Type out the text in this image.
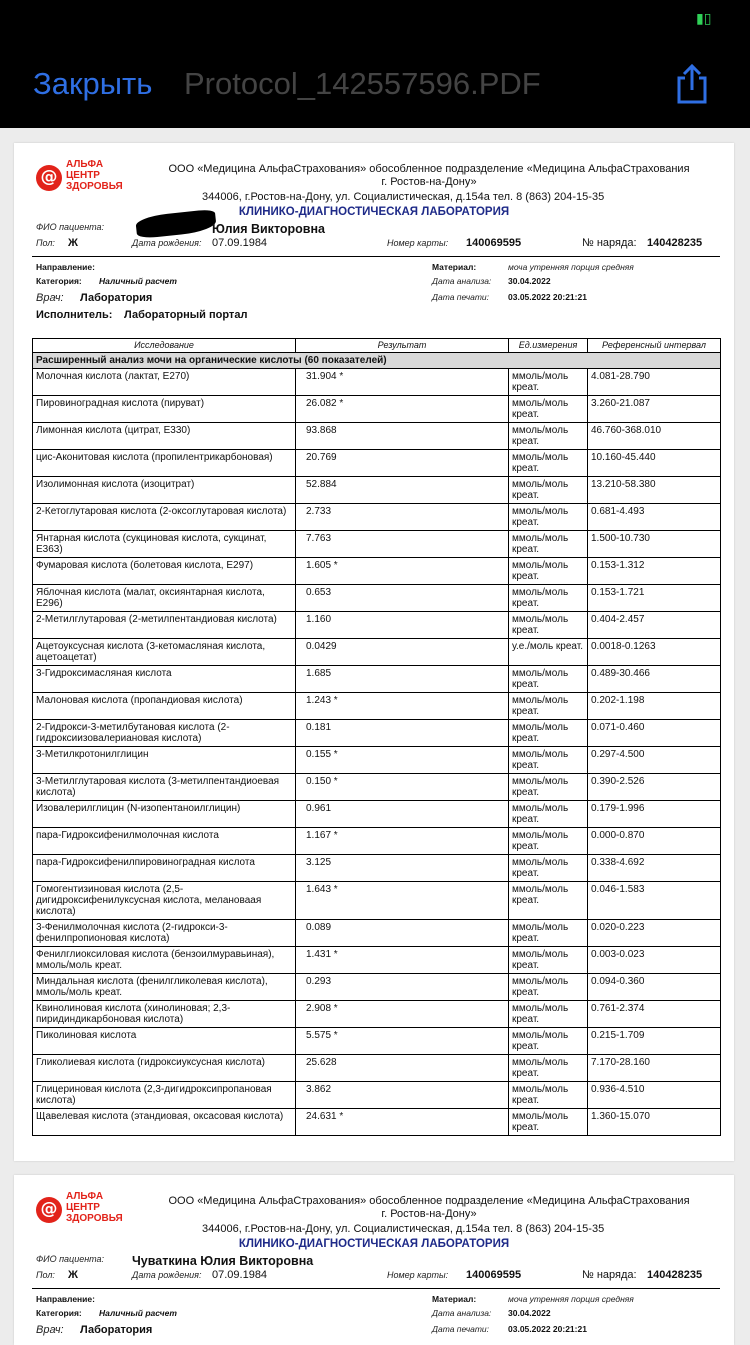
▮▯
Закрыть Protocol_142557596.PDF
@
АЛЬФА
ЦЕНТР
ЗДОРОВЬЯ
ООО «Медицина АльфаСтрахования» обособленное подразделение «Медицина АльфаСтрахования
г. Ростов-на-Дону»
344006, г.Ростов-на-Дону, ул. Социалистическая, д.154а тел. 8 (863) 204-15-35
КЛИНИКО-ДИАГНОСТИЧЕСКАЯ ЛАБОРАТОРИЯ
ФИО пациента:	Юлия Викторовна
Пол: Ж	Дата рождения: 07.09.1984	Номер карты: 140069595	№ наряда: 140428235
Направление:
Категория: Наличный расчет
Врач: Лаборатория
Исполнитель: Лабораторный портал
Материал:	моча утренняя порция средняя
Дата анализа: 30.04.2022
Дата печати: 03.05.2022 20:21:21
Исследование	Результат	Ед.измерения	Референсный интервал
Расширенный анализ мочи на органические кислоты (60 показателей)			
Молочная кислота (лактат, Е270)	31.904 *	ммоль/моль креат.	4.081-28.790
Пировиноградная кислота (пируват)	26.082 *	ммоль/моль креат.	3.260-21.087
Лимонная кислота (цитрат, Е330)	93.868	ммоль/моль креат.	46.760-368.010
цис-Аконитовая кислота (пропилентрикарбоновая)	20.769	ммоль/моль креат.	10.160-45.440
Изолимонная кислота (изоцитрат)	52.884	ммоль/моль креат.	13.210-58.380
2-Кетоглутаровая кислота (2-оксоглутаровая кислота)	2.733	ммоль/моль креат.	0.681-4.493
Янтарная кислота (сукциновая кислота, сукцинат, Е363)	7.763	ммоль/моль креат.	1.500-10.730
Фумаровая кислота (болетовая кислота, Е297)	1.605 *	ммоль/моль креат.	0.153-1.312
Яблочная кислота (малат, оксиянтарная кислота, Е296)	0.653	ммоль/моль креат.	0.153-1.721
2-Метилглутаровая (2-метилпентандиовая кислота)	1.160	ммоль/моль креат.	0.404-2.457
Ацетоуксусная кислота (3-кетомасляная кислота, ацетоацетат)	0.0429	у.е./моль креат.	0.0018-0.1263
3-Гидроксимасляная кислота	1.685	ммоль/моль креат.	0.489-30.466
Малоновая кислота (пропандиовая кислота)	1.243 *	ммоль/моль креат.	0.202-1.198
2-Гидрокси-3-метилбутановая кислота (2-гидроксиизовалериановая кислота)	0.181	ммоль/моль креат.	0.071-0.460
3-Метилкротонилглицин	0.155 *	ммоль/моль креат.	0.297-4.500
3-Метилглутаровая кислота (3-метилпентандиоевая кислота)	0.150 *	ммоль/моль креат.	0.390-2.526
Изовалерилглицин (N-изопентаноилглицин)	0.961	ммоль/моль креат.	0.179-1.996
пара-Гидроксифенилмолочная кислота	1.167 *	ммоль/моль креат.	0.000-0.870
пара-Гидроксифенилпировиноградная кислота	3.125	ммоль/моль креат.	0.338-4.692
Гомогентизиновая кислота (2,5-дигидроксифенилуксусная кислота, мелановаая кислота)	1.643 *	ммоль/моль креат.	0.046-1.583
3-Фенилмолочная кислота (2-гидрокси-3-фенилпропионовая кислота)	0.089	ммоль/моль креат.	0.020-0.223
Фенилглиоксиловая кислота (бензоилмуравьиная), ммоль/моль креат.	1.431 *	ммоль/моль креат.	0.003-0.023
Миндальная кислота (фенилгликолевая кислота), ммоль/моль креат.	0.293	ммоль/моль креат.	0.094-0.360
Квинолиновая кислота (хинолиновая; 2,3-пиридиндикарбоновая кислота)	2.908 *	ммоль/моль креат.	0.761-2.374
Пиколиновая кислота	5.575 *	ммоль/моль креат.	0.215-1.709
Гликолиевая кислота (гидроксиуксусная кислота)	25.628	ммоль/моль креат.	7.170-28.160
Глицериновая кислота (2,3-дигидроксипропановая кислота)	3.862	ммоль/моль креат.	0.936-4.510
Щавелевая кислота (этандиовая, оксасовая кислота)	24.631 *	ммоль/моль креат.	1.360-15.070
@
АЛЬФА
ЦЕНТР
ЗДОРОВЬЯ
ООО «Медицина АльфаСтрахования» обособленное подразделение «Медицина АльфаСтрахования
г. Ростов-на-Дону»
344006, г.Ростов-на-Дону, ул. Социалистическая, д.154а тел. 8 (863) 204-15-35
КЛИНИКО-ДИАГНОСТИЧЕСКАЯ ЛАБОРАТОРИЯ
ФИО пациента: Чуваткина Юлия Викторовна
Пол: Ж	Дата рождения: 07.09.1984	Номер карты: 140069595	№ наряда: 140428235
Направление:
Категория: Наличный расчет
Врач: Лаборатория
Материал:	моча утренняя порция средняя
Дата анализа: 30.04.2022
Дата печати: 03.05.2022 20:21:21
